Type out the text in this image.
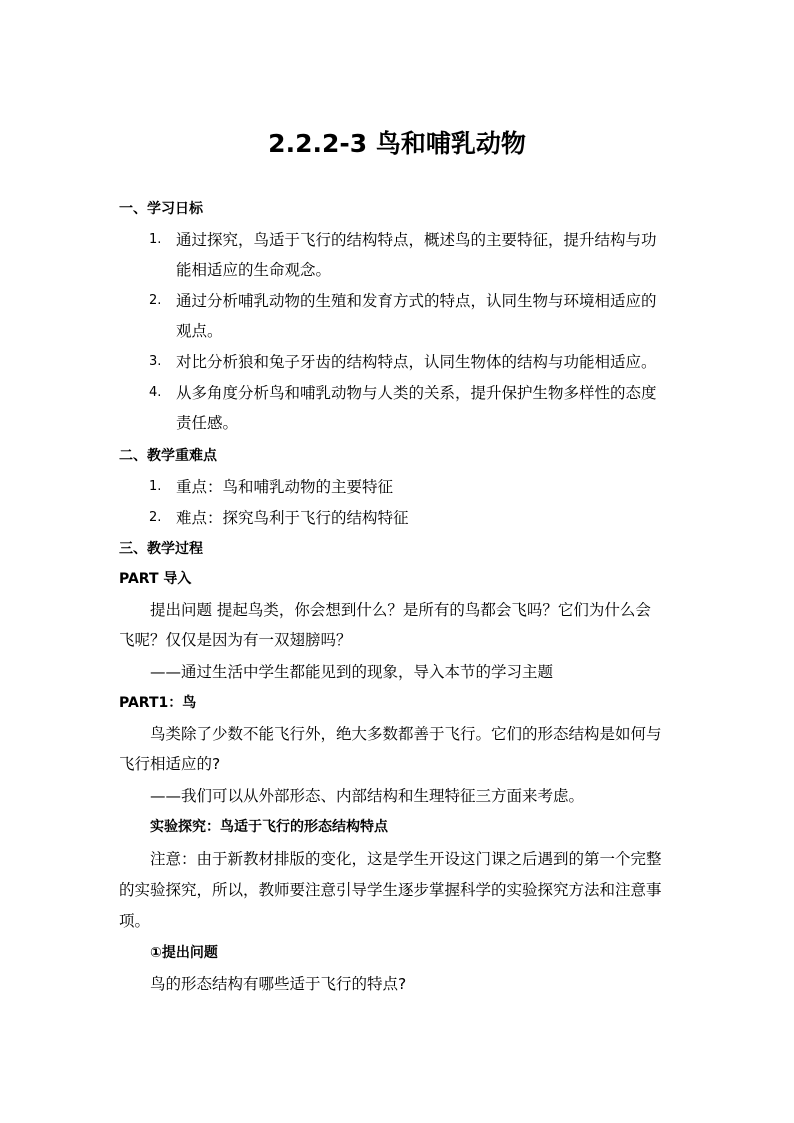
2.2.2-3 鸟和哺乳动物

一、学习日标

1. 通过探究，鸟适于飞行的结构特点，概述鸟的主要特征，提升结构与功

能相适应的生命观念。

2. 通过分析哺乳动物的生殖和发育方式的特点，认同生物与环境相适应的

观点。

3. 对比分析狼和兔子牙齿的结构特点，认同生物体的结构与功能相适应。

4. 从多角度分析鸟和哺乳动物与人类的关系，提升保护生物多样性的态度

责任感。

二、教学重难点

1. 重点：鸟和哺乳动物的主要特征

2. 难点：探究鸟利于飞行的结构特征

三、教学过程

PART 导入

提出问题 提起鸟类，你会想到什么？是所有的鸟都会飞吗？它们为什么会

飞呢？仅仅是因为有一双翅膀吗？

——通过生活中学生都能见到的现象，导入本节的学习主题

PART1：鸟

鸟类除了少数不能飞行外，绝大多数都善于飞行。它们的形态结构是如何与

飞行相适应的?

——我们可以从外部形态、内部结构和生理特征三方面来考虑。

实验探究：鸟适于飞行的形态结构特点

注意：由于新教材排版的变化，这是学生开设这门课之后遇到的第一个完整

的实验探究，所以，教师要注意引导学生逐步掌握科学的实验探究方法和注意事

项。

①提出问题

鸟的形态结构有哪些适于飞行的特点?
